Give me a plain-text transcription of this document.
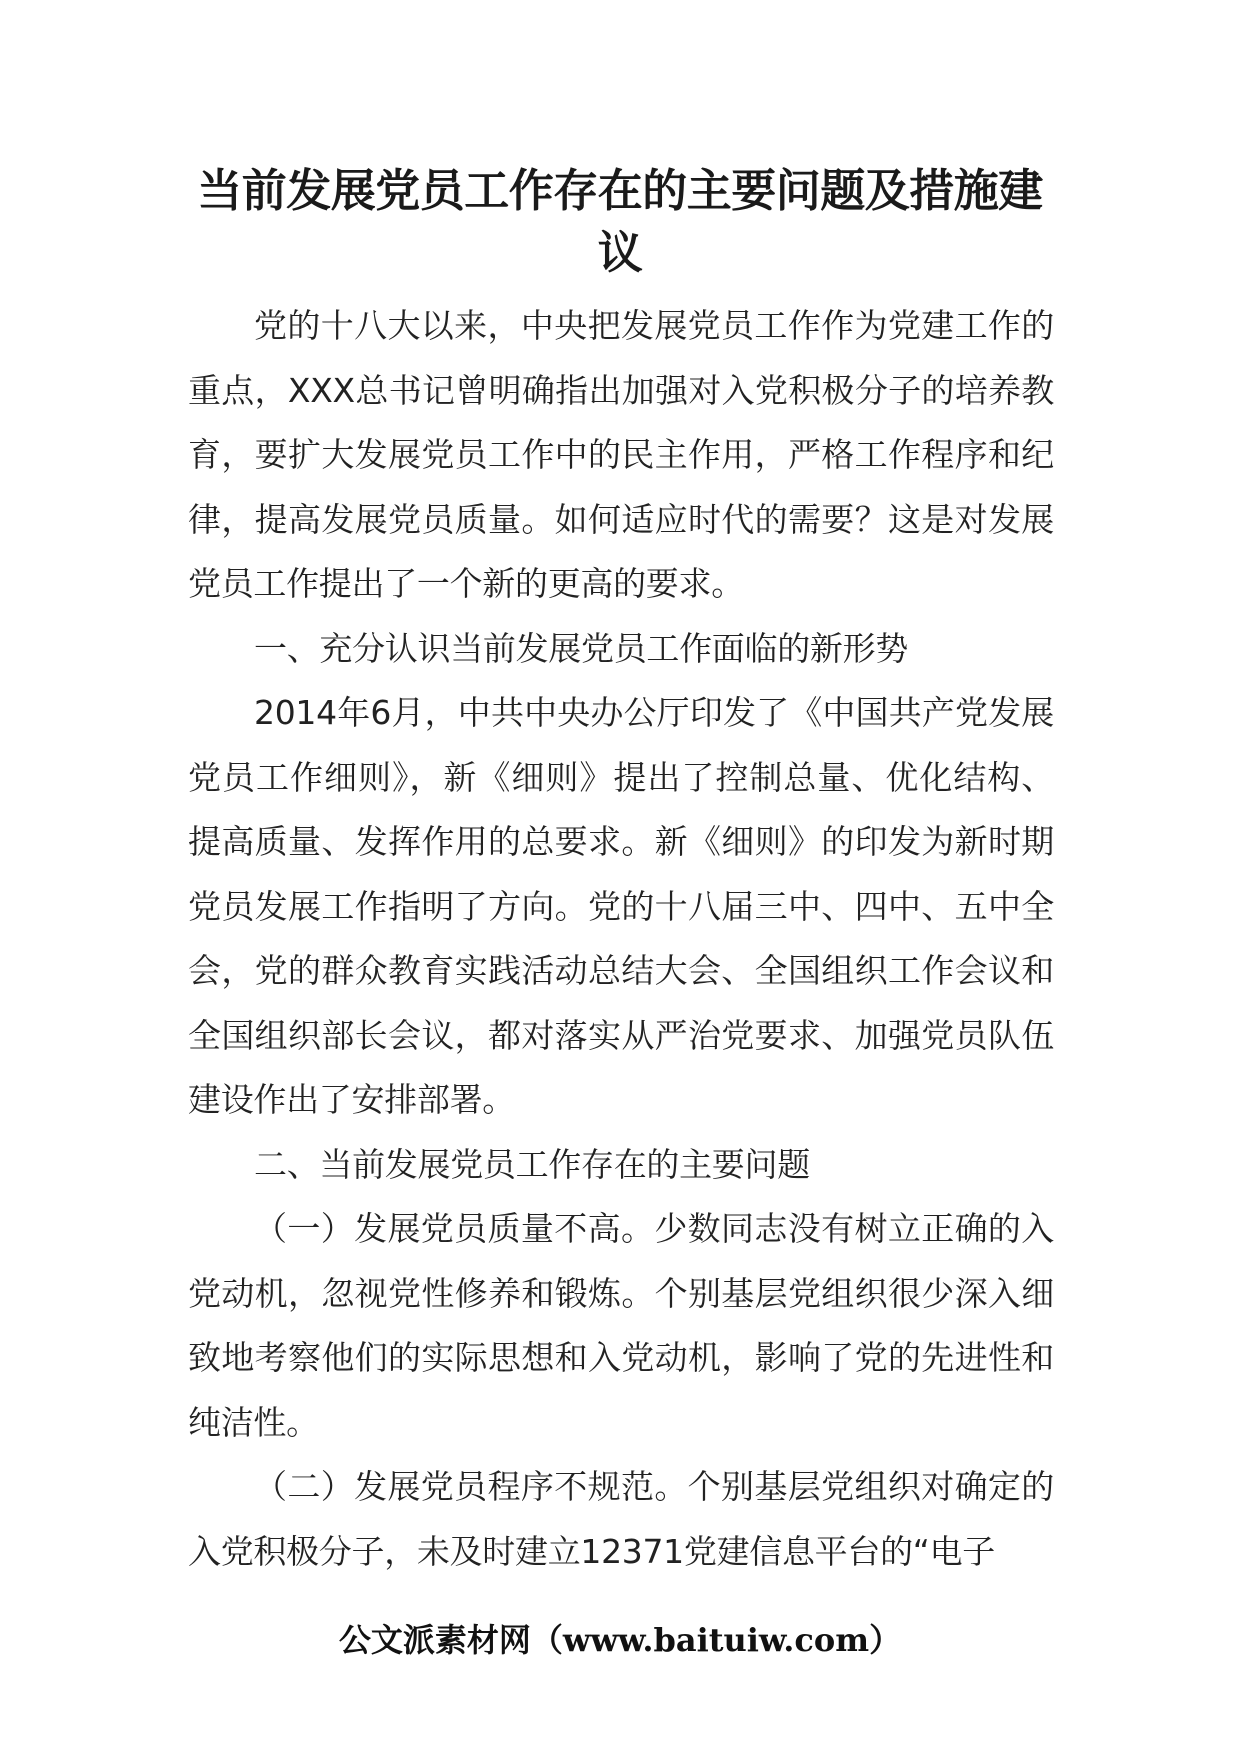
当前发展党员工作存在的主要问题及措施建议

党的十八大以来，中央把发展党员工作作为党建工作的重点，XXX总书记曾明确指出加强对入党积极分子的培养教育，要扩大发展党员工作中的民主作用，严格工作程序和纪律，提高发展党员质量。如何适应时代的需要？这是对发展党员工作提出了一个新的更高的要求。

一、充分认识当前发展党员工作面临的新形势

2014年6月，中共中央办公厅印发了《中国共产党发展党员工作细则》，新《细则》提出了控制总量、优化结构、提高质量、发挥作用的总要求。新《细则》的印发为新时期党员发展工作指明了方向。党的十八届三中、四中、五中全会，党的群众教育实践活动总结大会、全国组织工作会议和全国组织部长会议，都对落实从严治党要求、加强党员队伍建设作出了安排部署。

二、当前发展党员工作存在的主要问题

（一）发展党员质量不高。少数同志没有树立正确的入党动机，忽视党性修养和锻炼。个别基层党组织很少深入细致地考察他们的实际思想和入党动机，影响了党的先进性和纯洁性。

（二）发展党员程序不规范。个别基层党组织对确定的入党积极分子，未及时建立12371党建信息平台的“电子

公文派素材网（www.baituiw.com）
